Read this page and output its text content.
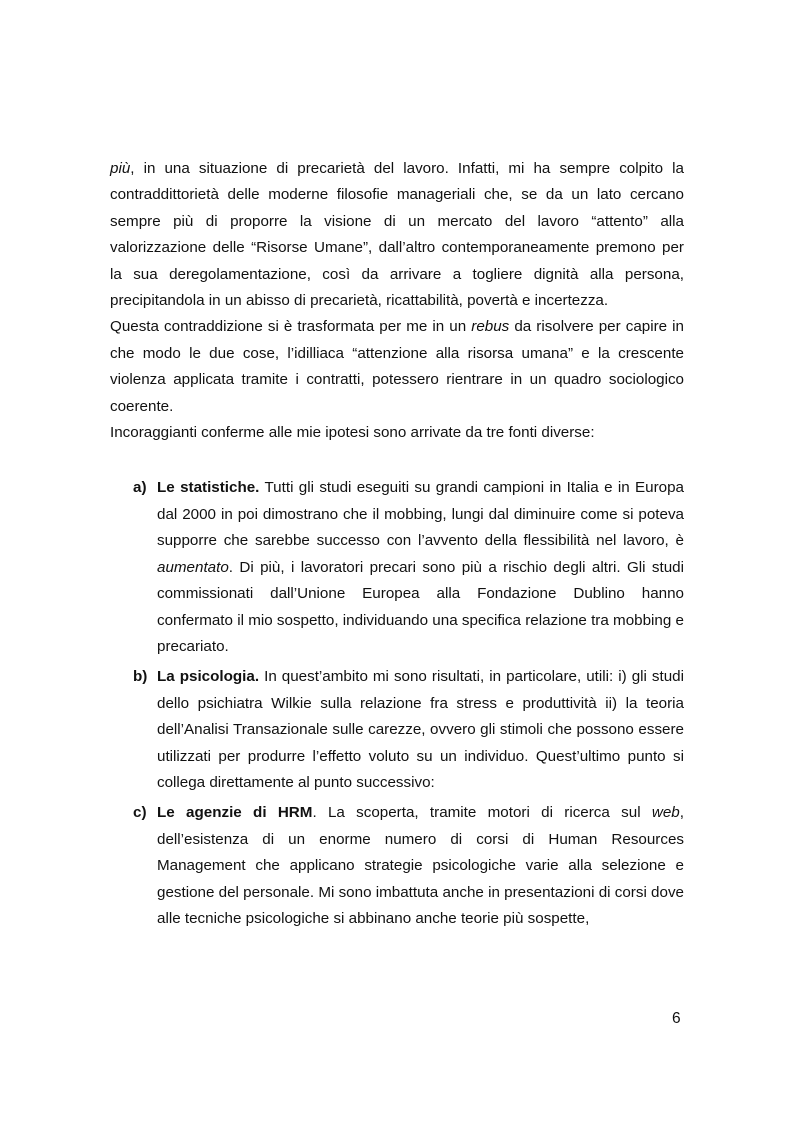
più, in una situazione di precarietà del lavoro. Infatti, mi ha sempre colpito la contraddittorietà delle moderne filosofie manageriali che, se da un lato cercano sempre più di proporre la visione di un mercato del lavoro “attento” alla valorizzazione delle “Risorse Umane”, dall’altro contemporaneamente premono per la sua deregolamentazione, così da arrivare a togliere dignità alla persona, precipitandola in un abisso di precarietà, ricattabilità, povertà e incertezza.

Questa contraddizione si è trasformata per me in un rebus da risolvere per capire in che modo le due cose, l’idilliaca “attenzione alla risorsa umana” e la crescente violenza applicata tramite i contratti, potessero rientrare in un quadro sociologico coerente.

Incoraggianti conferme alle mie ipotesi sono arrivate da tre fonti diverse:

a) Le statistiche. Tutti gli studi eseguiti su grandi campioni in Italia e in Europa dal 2000 in poi dimostrano che il mobbing, lungi dal diminuire come si poteva supporre che sarebbe successo con l’avvento della flessibilità nel lavoro, è aumentato. Di più, i lavoratori precari sono più a rischio degli altri. Gli studi commissionati dall’Unione Europea alla Fondazione Dublino hanno confermato il mio sospetto, individuando una specifica relazione tra mobbing e precariato.
b) La psicologia. In quest’ambito mi sono risultati, in particolare, utili: i) gli studi dello psichiatra Wilkie sulla relazione fra stress e produttività ii) la teoria dell’Analisi Transazionale sulle carezze, ovvero gli stimoli che possono essere utilizzati per produrre l’effetto voluto su un individuo. Quest’ultimo punto si collega direttamente al punto successivo:
c) Le agenzie di HRM. La scoperta, tramite motori di ricerca sul web, dell’esistenza di un enorme numero di corsi di Human Resources Management che applicano strategie psicologiche varie alla selezione e gestione del personale. Mi sono imbattuta anche in presentazioni di corsi dove alle tecniche psicologiche si abbinano anche teorie più sospette,
6
